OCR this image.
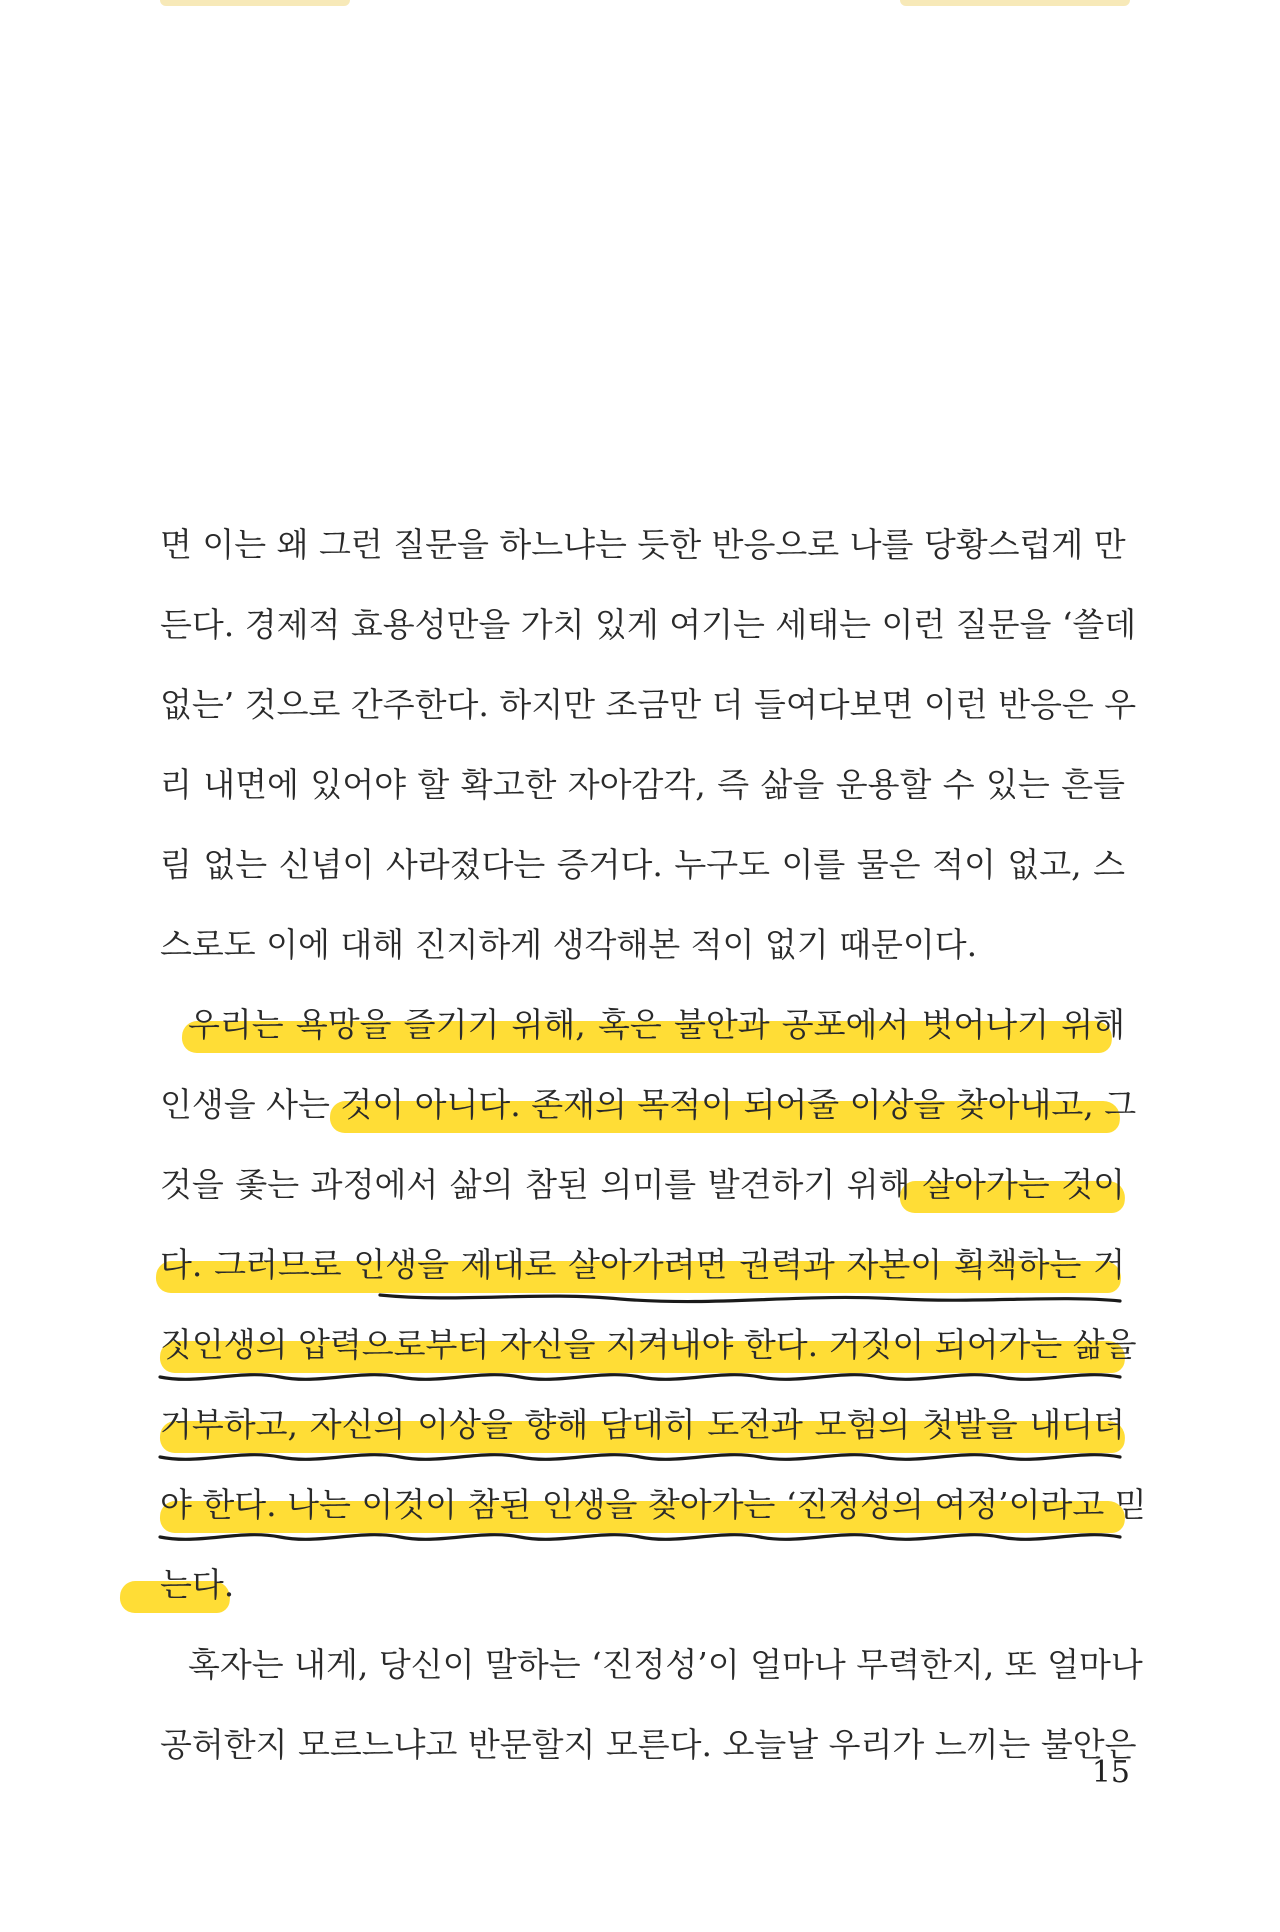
면 이는 왜 그런 질문을 하느냐는 듯한 반응으로 나를 당황스럽게 만
든다. 경제적 효용성만을 가치 있게 여기는 세태는 이런 질문을 ‘쓸데
없는’ 것으로 간주한다. 하지만 조금만 더 들여다보면 이런 반응은 우
리 내면에 있어야 할 확고한 자아감각, 즉 삶을 운용할 수 있는 흔들
림 없는 신념이 사라졌다는 증거다. 누구도 이를 물은 적이 없고, 스
스로도 이에 대해 진지하게 생각해본 적이 없기 때문이다.
우리는 욕망을 즐기기 위해, 혹은 불안과 공포에서 벗어나기 위해
인생을 사는 것이 아니다. 존재의 목적이 되어줄 이상을 찾아내고, 그
것을 좇는 과정에서 삶의 참된 의미를 발견하기 위해 살아가는 것이
다. 그러므로 인생을 제대로 살아가려면 권력과 자본이 획책하는 거
짓인생의 압력으로부터 자신을 지켜내야 한다. 거짓이 되어가는 삶을
거부하고, 자신의 이상을 향해 담대히 도전과 모험의 첫발을 내디뎌
야 한다. 나는 이것이 참된 인생을 찾아가는 ‘진정성의 여정’이라고 믿
는다.
혹자는 내게, 당신이 말하는 ‘진정성’이 얼마나 무력한지, 또 얼마나
공허한지 모르느냐고 반문할지 모른다. 오늘날 우리가 느끼는 불안은
15
